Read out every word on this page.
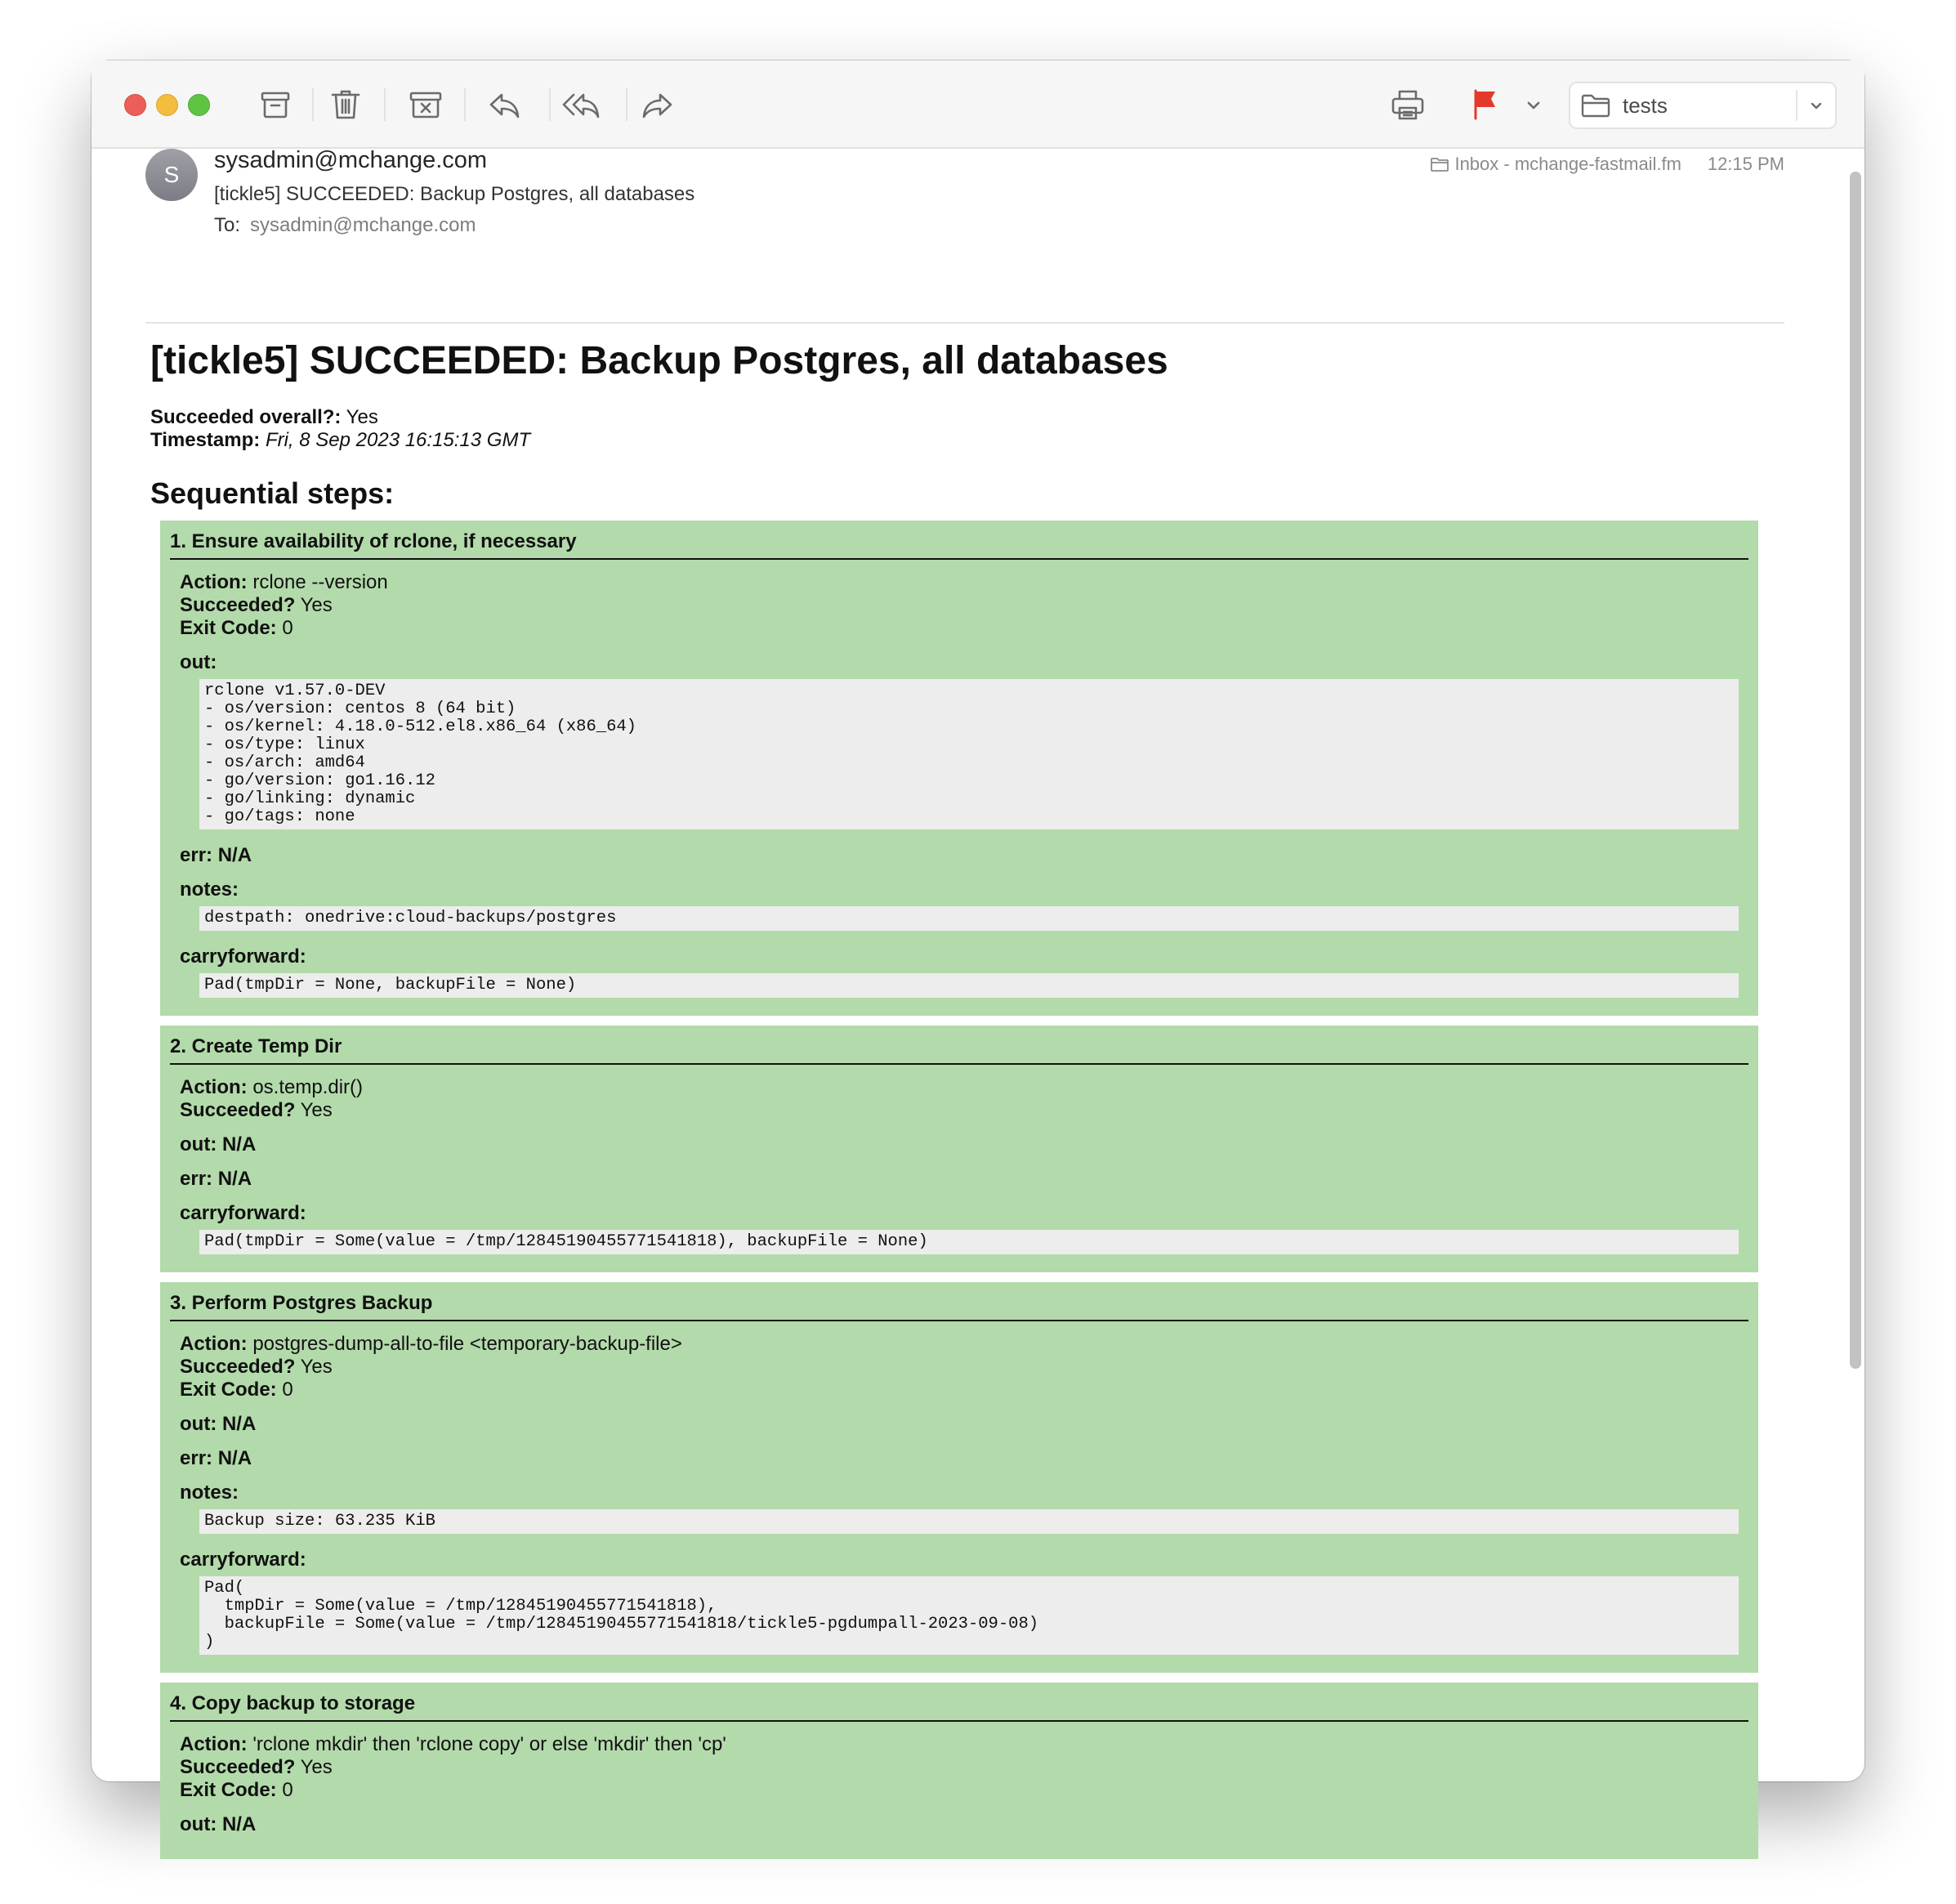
tests
S
sysadmin@mchange.com
[tickle5] SUCCEEDED: Backup Postgres, all databases
To: sysadmin@mchange.com
Inbox - mchange-fastmail.fm 12:15 PM
[tickle5] SUCCEEDED: Backup Postgres, all databases
Succeeded overall?: Yes
Timestamp: Fri, 8 Sep 2023 16:15:13 GMT
Sequential steps:
1. Ensure availability of rclone, if necessary
Action: rclone --version
Succeeded? Yes
Exit Code: 0
out:
rclone v1.57.0-DEV
- os/version: centos 8 (64 bit)
- os/kernel: 4.18.0-512.el8.x86_64 (x86_64)
- os/type: linux
- os/arch: amd64
- go/version: go1.16.12
- go/linking: dynamic
- go/tags: none
err: N/A
notes:
destpath: onedrive:cloud-backups/postgres
carryforward:
Pad(tmpDir = None, backupFile = None)
2. Create Temp Dir
Action: os.temp.dir()
Succeeded? Yes
out: N/A
err: N/A
carryforward:
Pad(tmpDir = Some(value = /tmp/12845190455771541818), backupFile = None)
3. Perform Postgres Backup
Action: postgres-dump-all-to-file <temporary-backup-file>
Succeeded? Yes
Exit Code: 0
out: N/A
err: N/A
notes:
Backup size: 63.235 KiB
carryforward:
Pad(
tmpDir = Some(value = /tmp/12845190455771541818),
backupFile = Some(value = /tmp/12845190455771541818/tickle5-pgdumpall-2023-09-08)
)
4. Copy backup to storage
Action: 'rclone mkdir' then 'rclone copy' or else 'mkdir' then 'cp'
Succeeded? Yes
Exit Code: 0
out: N/A
